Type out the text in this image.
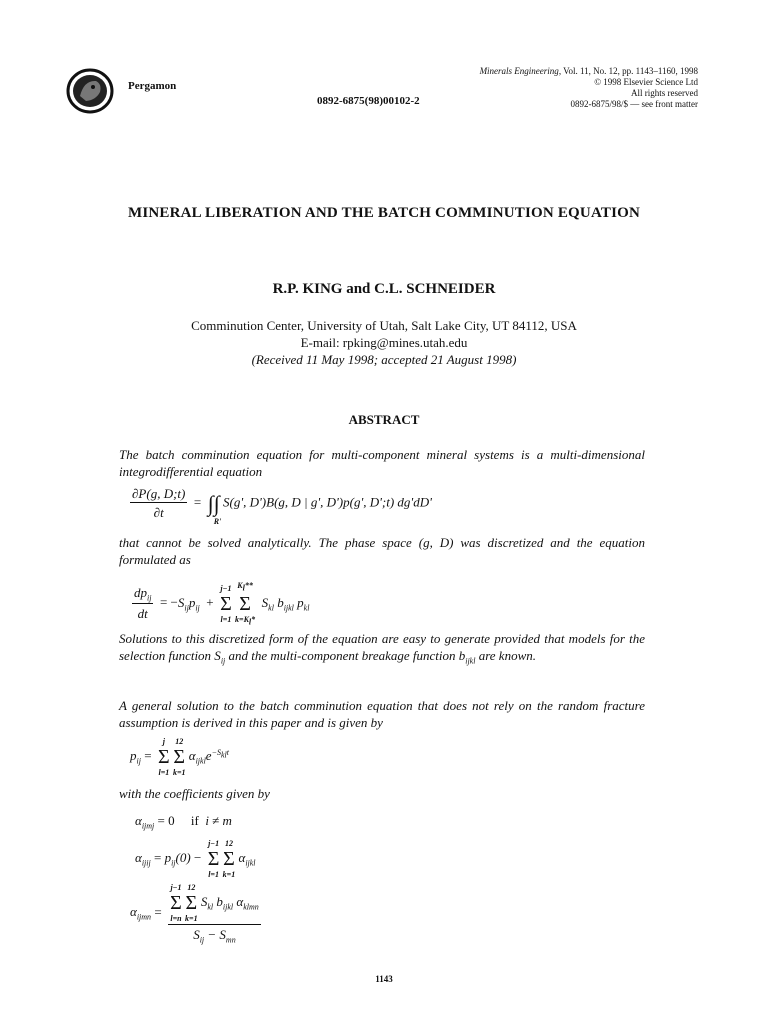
Pergamon
0892-6875(98)00102-2
Minerals Engineering, Vol. 11, No. 12, pp. 1143–1160, 1998
© 1998 Elsevier Science Ltd
All rights reserved
0892-6875/98/$ — see front matter
MINERAL LIBERATION AND THE BATCH COMMINUTION EQUATION
R.P. KING and C.L. SCHNEIDER
Comminution Center, University of Utah, Salt Lake City, UT 84112, USA
E-mail: rpking@mines.utah.edu
(Received 11 May 1998; accepted 21 August 1998)
ABSTRACT
The batch comminution equation for multi-component mineral systems is a multi-dimensional integrodifferential equation
$\frac{\partial P(g, D;t)}{\partial t}$ =  ∫∫
R'
S(g', D')B(g, D | g', D')p(g', D';t) dg'dD'
that cannot be solved analytically. The phase space (g, D) was discretized and the equation formulated as
$\frac{dp_{ij}}{dt} = -S_{ij}p_{ij}$  +
j−1
Σ
l=1

$K_l**$
Σ
$k=K_l*$
$S_{kl}$ $b_{ijkl}$ $p_{kl}$
Solutions to this discretized form of the equation are easy to generate provided that models for the selection function $S_{ij}$ and the multi-component breakage function $b_{ijkl}$ are known.
A general solution to the batch comminution equation that does not rely on the random fracture assumption is derived in this paper and is given by
$p_{ij}$ =
j
Σ
l=1

12
Σ
k=1
$\alpha_{ijkl}e^{-S_{kl}t}$
with the coefficients given by
$\alpha_{ijmj} = 0$     if  i ≠ m
$\alpha_{ijij} = p_{ij}(0)$ −
j−1
Σ
l=1

12
Σ
k=1
$\alpha_{ijkl}$
$\alpha_{ijmn} = j-1$
Σ
l=n

12
Σ
k=1
$S_{kl}$ $b_{ijkl}$ $\alpha_{klmn}$
$S_{ij} - S_{mn}$
1143
